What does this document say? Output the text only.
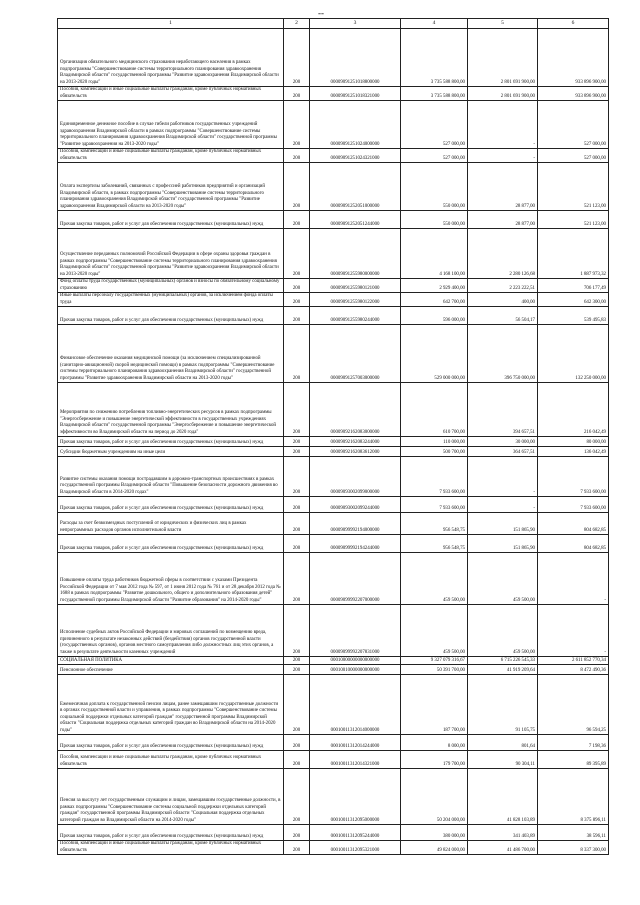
--
1	2	3	4	5	6
Организация обязательного медицинского страхования неработающего населения в рамках подпрограммы "Совершенствование системы территориального планирования здравоохранения Владимирской области" государственной программы "Развитие здравоохранения Владимирской области на 2013-2020 годы"	200	00009091251018800000	3 735 588 800,00	2 801 691 900,00	933 896 900,00
Пособия, компенсации и иные социальные выплаты гражданам, кроме публичных нормативных обязательств	200	00009091251018321000	3 735 588 800,00	2 801 691 900,00	933 896 900,00
Единовременное денежное пособие в случае гибели работников государственных учреждений здравоохранения Владимирской области в рамках подпрограммы "Совершенствование системы территориального планирования здравоохранения Владимирской области" государственной программы "Развитие здравоохранения на 2013-2020 годы"	200	00009091251024000000	527 000,00	-	527 000,00
Пособия, компенсации и иные социальные выплаты гражданам, кроме публичных нормативных обязательств	200	00009091251024321000	527 000,00	-	527 000,00
Оплата экспертизы заболеваний, связанных с профессией работников предприятий и организаций Владимирской области, в рамках подпрограммы "Совершенствование системы территориального планирования здравоохранения Владимирской области" государственной программы "Развитие здравоохранения Владимирской области на 2013-2020 годы"	200	00009091252051000000	550 000,00	28 877,00	521 123,00
Прочая закупка товаров, работ и услуг для обеспечения государственных (муниципальных) нужд	200	00009091252051244000	550 000,00	28 877,00	521 123,00
Осуществление переданных полномочий Российской Федерации в сфере охраны здоровья граждан в рамках подпрограммы "Совершенствование системы территориального планирования здравоохранения Владимирской области" государственной программы "Развитие здравоохранения Владимирской области на 2013-2020 годы"	200	00009091255980000000	4 168 100,00	2 280 126,68	1 887 973,32
Фонд оплаты труда государственных (муниципальных) органов и взносы по обязательному социальному страхованию	200	00009091255980121000	2 929 400,00	2 223 222,51	706 177,49
Иные выплаты персоналу государственных (муниципальных) органов, за исключением фонда оплаты труда	200	00009091255980122000	642 700,00	400,00	642 300,00
Прочая закупка товаров, работ и услуг для обеспечения государственных (муниципальных) нужд	200	00009091255980244000	596 000,00	56 504,17	539 495,83
Финансовое обеспечение оказания медицинской помощи (за исключением специализированной (санитарно-авиационной) скорой медицинской помощи) в рамках подпрограммы "Совершенствование системы территориального планирования здравоохранения Владимирской области" государственной программы "Развитие здравоохранения Владимирской области на 2013-2020 годы"	200	00009091257003000000	529 000 000,00	396 750 000,00	132 250 000,00
Мероприятия по снижению потребления топливно-энергетических ресурсов в рамках подпрограммы "Энергосбережение и повышение энергетической эффективности в государственных учреждениях Владимирской области" государственной программы "Энергосбережение и повышение энергетической эффективности во Владимирской области на период до 2020 года"	200	00009092162083000000	610 700,00	394 657,51	216 042,49
Прочая закупка товаров, работ и услуг для обеспечения государственных (муниципальных) нужд	200	00009092162083244000	110 000,00	30 000,00	80 000,00
Субсидии бюджетным учреждениям на иные цели	200	00009092162083612000	500 700,00	364 657,51	136 042,49
Развитие системы оказания помощи пострадавшим в дорожно-транспортных происшествиях в рамках государственной программы Владимирской области "Повышение безопасности дорожного движения во Владимирской области в 2014-2020 годах"	200	00009093002099000000	7 933 600,00	-	7 933 600,00
Прочая закупка товаров, работ и услуг для обеспечения государственных (муниципальных) нужд	200	00009093002099244000	7 933 600,00	-	7 933 600,00
Расходы за счет безвозмездных поступлений от юридических и физических лиц в рамках непрограммных расходов органов исполнительной власти	200	00009099992194000000	956 548,75	151 865,90	804 682,85
Прочая закупка товаров, работ и услуг для обеспечения государственных (муниципальных) нужд	200	00009099992194244000	956 548,75	151 865,90	804 682,85
Повышение оплаты труда работников бюджетной сферы в соответствии с указами Президента Российской Федерации от 7 мая 2012 года № 597, от 1 июня 2012 года № 761 и от 28 декабря 2012 года № 1688 в рамках подпрограммы "Развитие дошкольного, общего и дополнительного образования детей" государственной программы Владимирской области "Развитие образования" на 2014-2020 годы"	200	00009099992207000000	459 500,00	459 500,00	-
Исполнение судебных актов Российской Федерации и мировых соглашений по возмещению вреда, причиненного в результате незаконных действий (бездействия) органов государственной власти (государственных органов), органов местного самоуправления либо должностных лиц этих органов, а также в результате деятельности казенных учреждений	200	00009099992207831000	459 500,00	459 500,00	-
СОЦИАЛЬНАЯ ПОЛИТИКА	200	00010000000000000000	9 327 079 316,67	6 715 226 545,33	2 611 852 770,34
Пенсионное обеспечение	200	00010010000000000000	50 391 700,00	41 919 209,64	8 472 490,36
Ежемесячная доплата к государственной пенсии лицам, ранее замещавшим государственные должности в органах государственной власти и управления, в рамках подпрограммы "Совершенствование системы социальной поддержки отдельных категорий граждан" государственной программы Владимирской области "Социальная поддержка отдельных категорий граждан во Владимирской области на 2014-2020 годы"	200	00010011312014000000	187 700,00	91 105,75	96 594,25
Прочая закупка товаров, работ и услуг для обеспечения государственных (муниципальных) нужд	200	00010011312014244000	8 000,00	801,64	7 198,36
Пособия, компенсации и иные социальные выплаты гражданам, кроме публичных нормативных обязательств	200	00010011312014321000	179 700,00	90 304,11	89 395,89
Пенсия за выслугу лет государственным служащим и лицам, замещавшим государственные должности, в рамках подпрограммы "Совершенствование системы социальной поддержки отдельных категорий граждан" государственной программы Владимирской области "Социальная поддержка отдельных категорий граждан во Владимирской области на 2014-2020 годы"	200	00010011312095000000	50 204 000,00	41 828 103,89	8 375 896,11
Прочая закупка товаров, работ и услуг для обеспечения государственных (муниципальных) нужд	200	00010011312095244000	380 000,00	341 403,89	38 596,11
Пособия, компенсации и иные социальные выплаты гражданам, кроме публичных нормативных обязательств	200	00010011312095321000	49 824 000,00	41 486 700,00	8 337 300,00
